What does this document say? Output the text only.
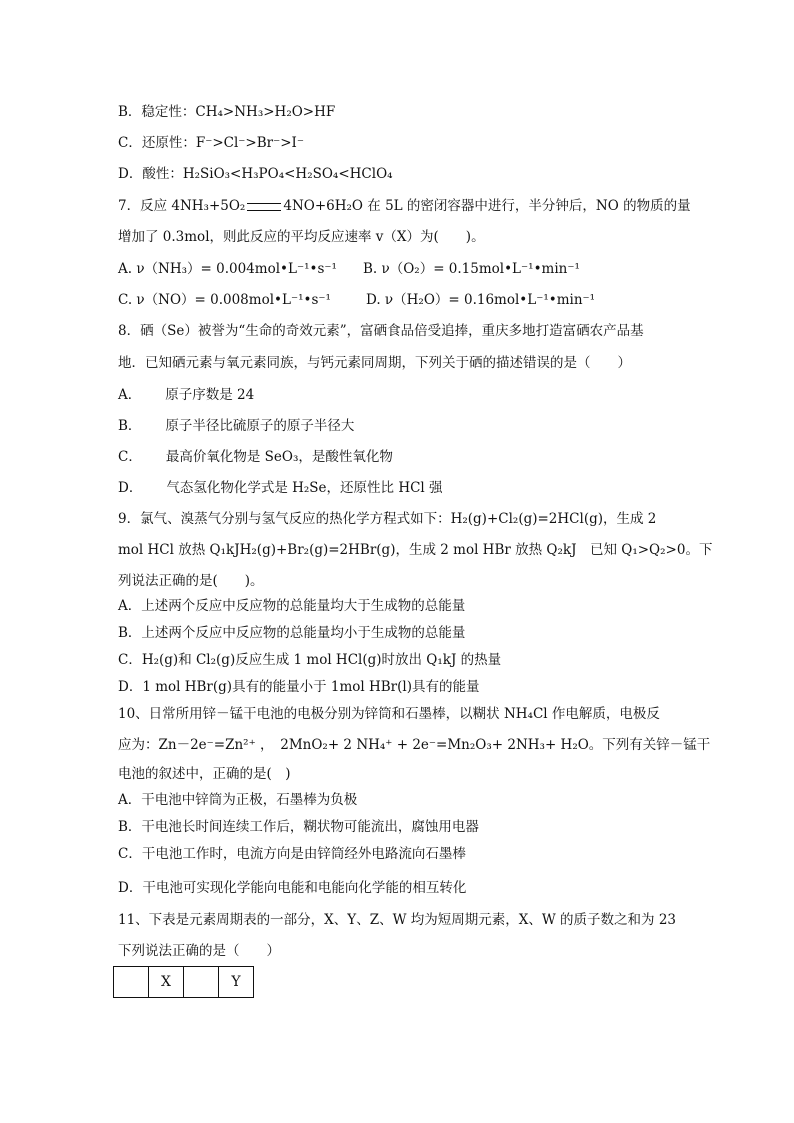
B．稳定性：CH₄>NH₃>H₂O>HF
C．还原性：F⁻>Cl⁻>Br⁻>I⁻
D．酸性：H₂SiO₃<H₃PO₄<H₂SO₄<HClO₄
7．反应 4NH₃+5O₂	4NO+6H₂O 在 5L 的密闭容器中进行，半分钟后，NO 的物质的量
增加了 0.3mol，则此反应的平均反应速率 v（X）为(　　)。
A. ν（NH₃）= 0.004mol•L⁻¹•s⁻¹ B. ν（O₂）= 0.15mol•L⁻¹•min⁻¹
C. ν（NO）= 0.008mol•L⁻¹•s⁻¹	D. ν（H₂O）= 0.16mol•L⁻¹•min⁻¹
8．硒（Se）被誉为“生命的奇效元素”，富硒食品倍受追捧，重庆多地打造富硒农产品基
地．已知硒元素与氧元素同族，与钙元素同周期，下列关于硒的描述错误的是（　　）
A． 原子序数是 24
B． 原子半径比硫原子的原子半径大
C． 最高价氧化物是 SeO₃，是酸性氧化物
D． 气态氢化物化学式是 H₂Se，还原性比 HCl 强
9．氯气、溴蒸气分别与氢气反应的热化学方程式如下：H₂(g)+Cl₂(g)=2HCl(g)，生成 2
mol HCl 放热 Q₁kJH₂(g)+Br₂(g)=2HBr(g)，生成 2 mol HBr 放热 Q₂kJ　已知 Q₁>Q₂>0。下
列说法正确的是(　　)。
A．上述两个反应中反应物的总能量均大于生成物的总能量
B．上述两个反应中反应物的总能量均小于生成物的总能量
C．H₂(g)和 Cl₂(g)反应生成 1 mol HCl(g)时放出 Q₁kJ 的热量
D．1 mol HBr(g)具有的能量小于 1mol HBr(l)具有的能量
10、日常所用锌－锰干电池的电极分别为锌筒和石墨棒，以糊状 NH₄Cl 作电解质，电极反
应为：Zn－2e⁻=Zn²⁺ ，　2MnO₂+ 2 NH₄⁺ + 2e⁻=Mn₂O₃+ 2NH₃+ H₂O。下列有关锌－锰干
电池的叙述中，正确的是(　)
A．干电池中锌筒为正极，石墨棒为负极
B．干电池长时间连续工作后，糊状物可能流出，腐蚀用电器
C．干电池工作时，电流方向是由锌筒经外电路流向石墨棒
D．干电池可实现化学能向电能和电能向化学能的相互转化
11、下表是元素周期表的一部分，X、Y、Z、W 均为短周期元素，X、W 的质子数之和为 23
下列说法正确的是（　　）
	X		Y
